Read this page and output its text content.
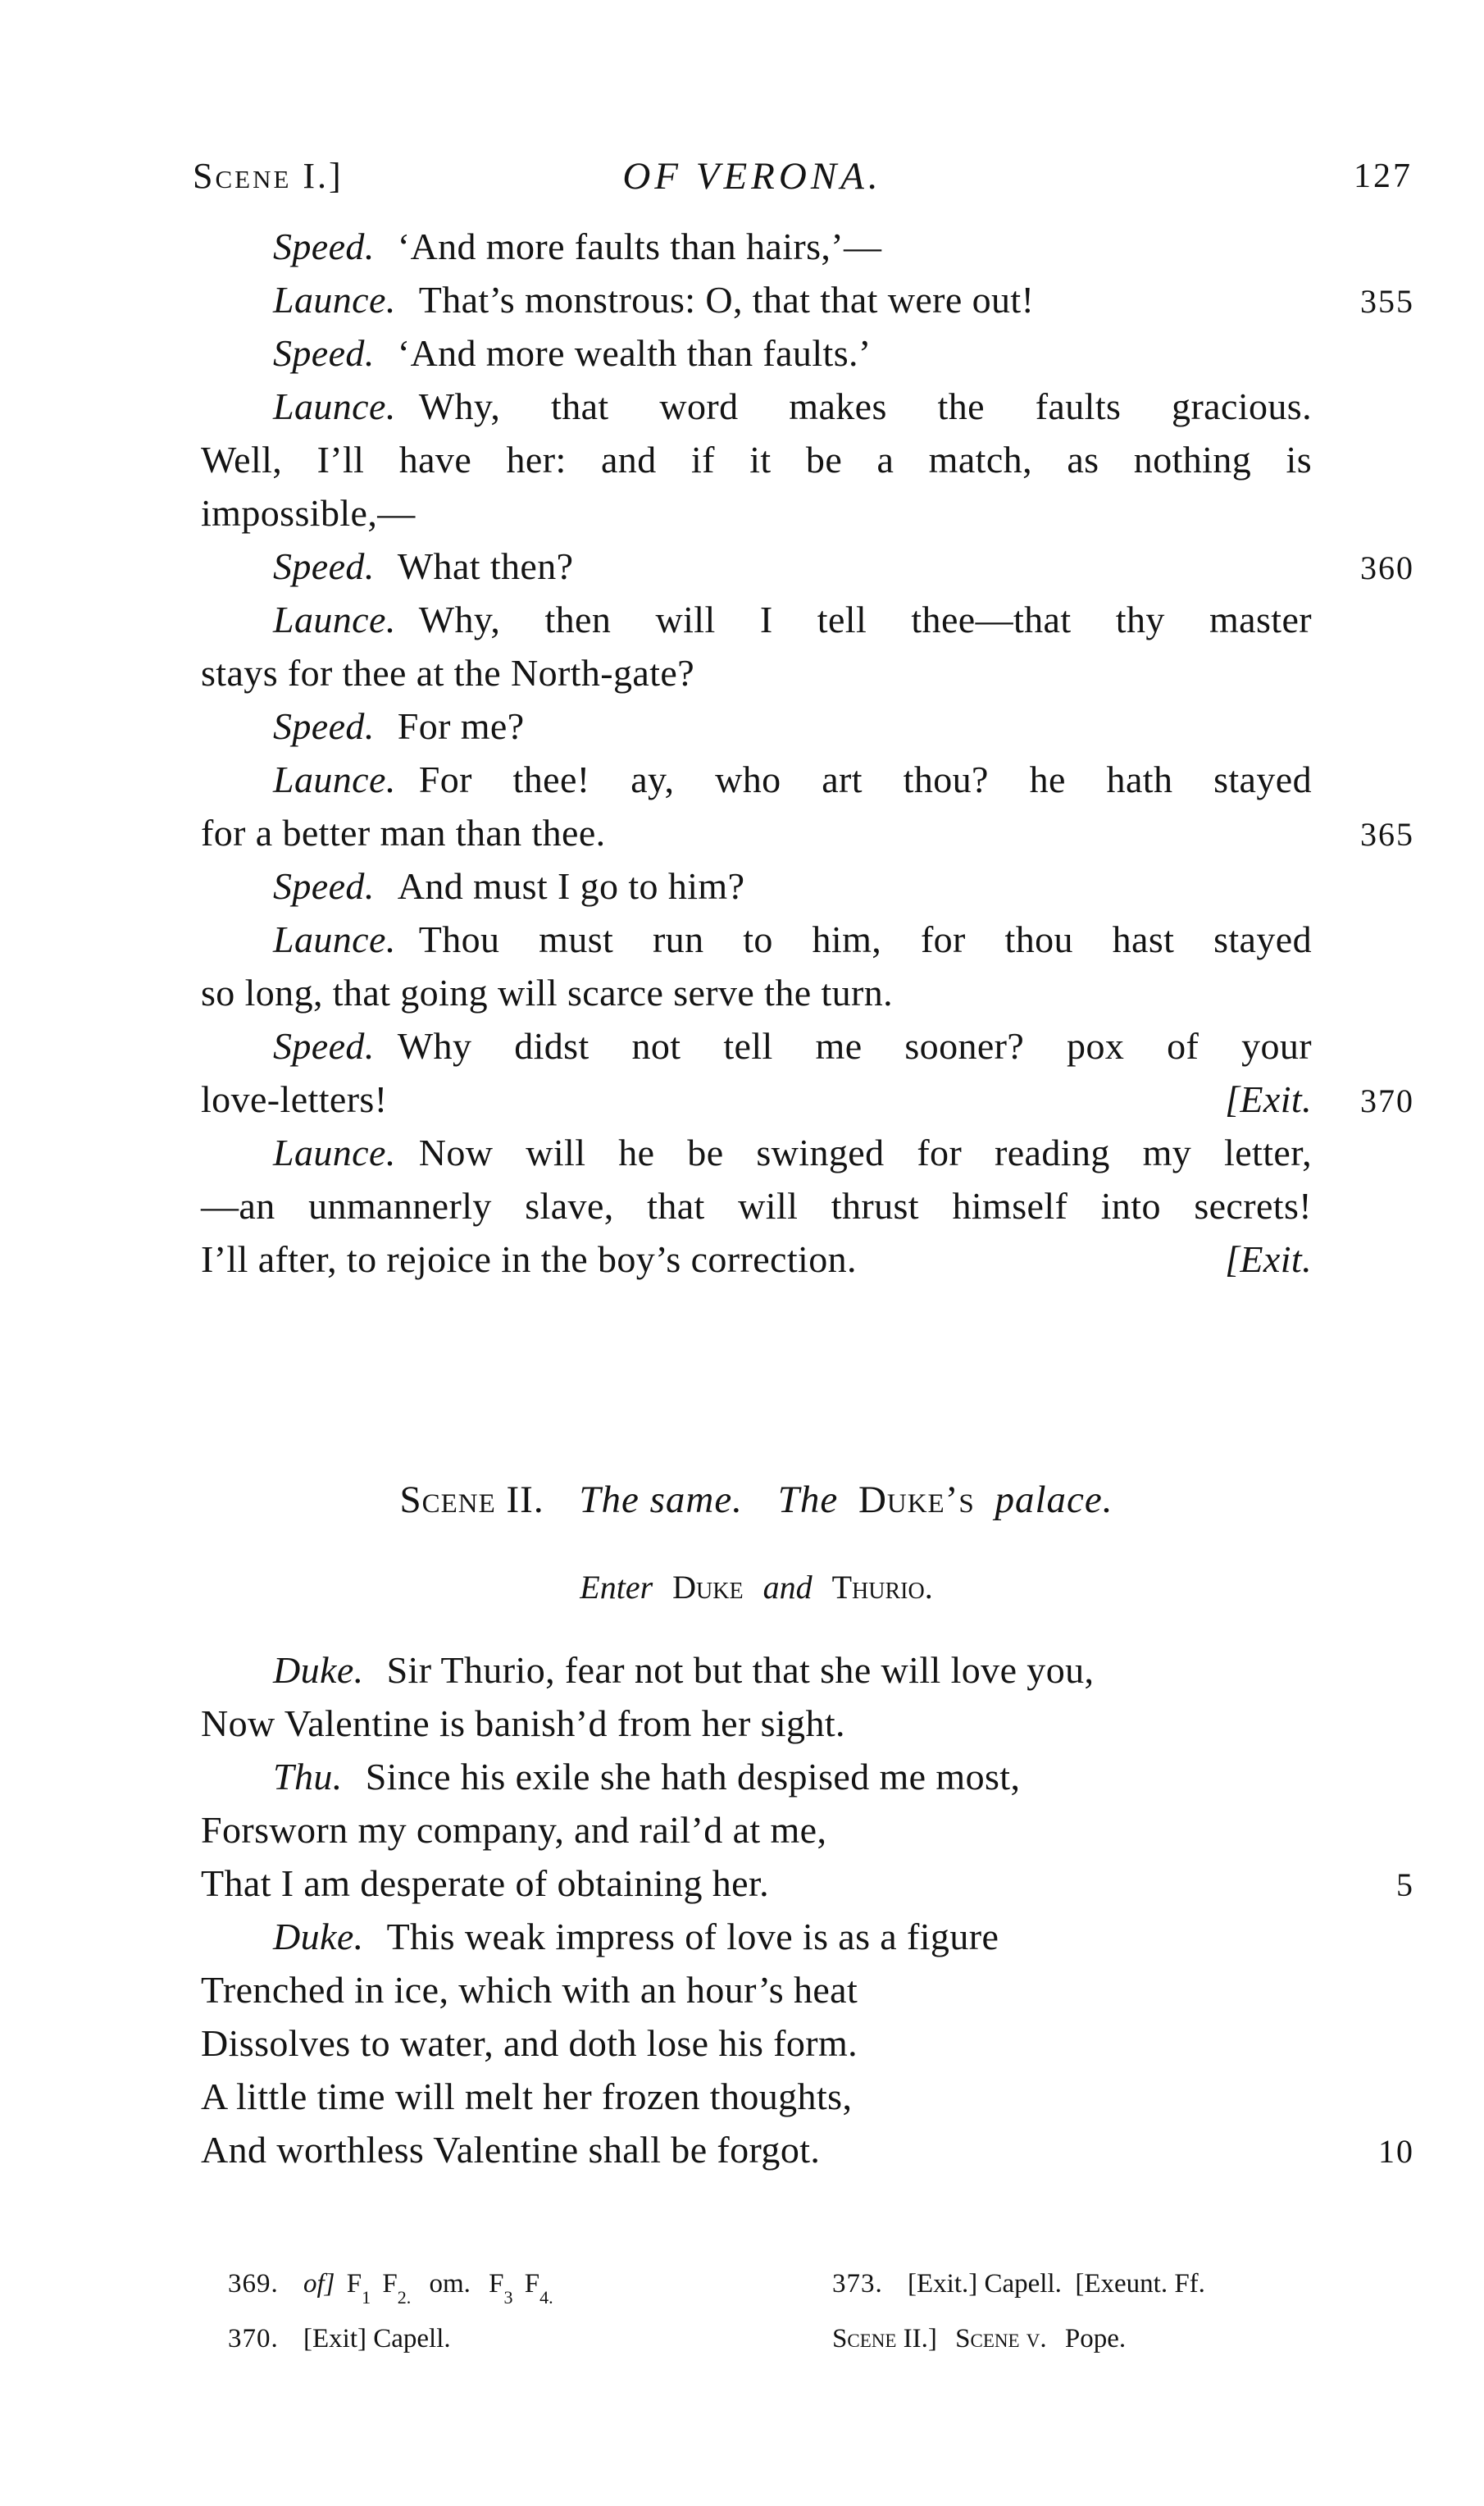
Scene I.]	OF VERONA.	127
Speed. ‘And more faults than hairs,’—
Launce. That’s monstrous: O, that that were out!	355
Speed. ‘And more wealth than faults.’
Launce. Why, that word makes the faults gracious.
Well, I’ll have her: and if it be a match, as nothing is
impossible,—
Speed. What then?	360
Launce. Why, then will I tell thee—that thy master
stays for thee at the North-gate?
Speed. For me?
Launce. For thee! ay, who art thou? he hath stayed
for a better man than thee.	365
Speed. And must I go to him?
Launce. Thou must run to him, for thou hast stayed
so long, that going will scarce serve the turn.
Speed. Why didst not tell me sooner? pox of your
love-letters!	[Exit.	370
Launce. Now will he be swinged for reading my letter,
—an unmannerly slave, that will thrust himself into secrets!
I’ll after, to rejoice in the boy’s correction.	[Exit.
Scene II. The same. The Duke’s palace.
Enter Duke and Thurio.
Duke. Sir Thurio, fear not but that she will love you,
Now Valentine is banish’d from her sight.
Thu. Since his exile she hath despised me most,
Forsworn my company, and rail’d at me,
That I am desperate of obtaining her.	5
Duke. This weak impress of love is as a figure
Trenched in ice, which with an hour’s heat
Dissolves to water, and doth lose his form.
A little time will melt her frozen thoughts,
And worthless Valentine shall be forgot.	10
369. of] $F_1$ $F_{2.}$ om. $F_3$ $F_{4.}$
370. [Exit] Capell.
373. [Exit.] Capell. [Exeunt. Ff.
Scene II.] Scene v. Pope.
